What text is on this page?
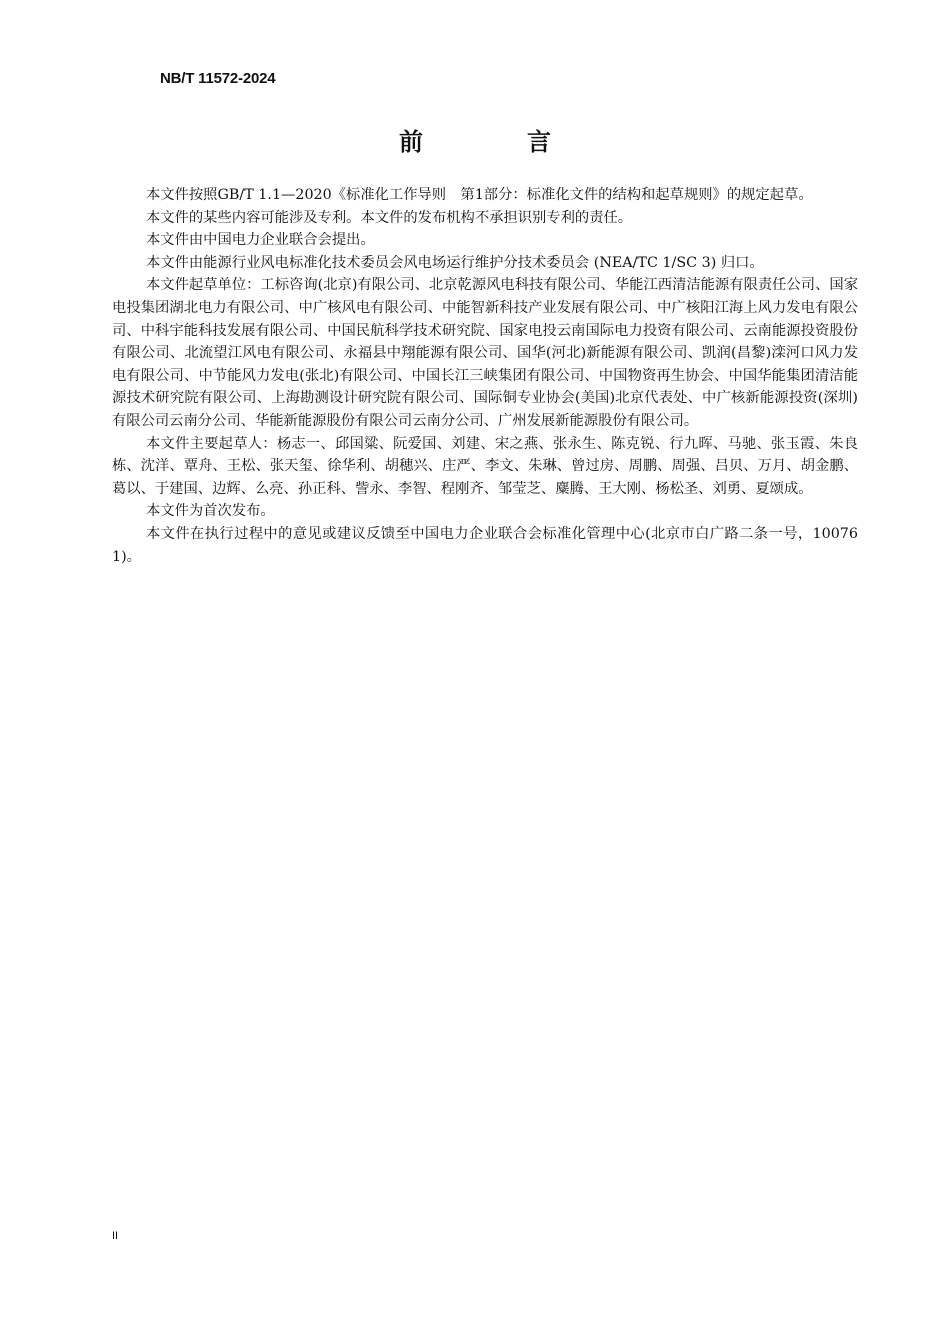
NB/T 11572-2024
前　言

本文件按照GB/T 1.1—2020《标准化工作导则　第1部分：标准化文件的结构和起草规则》的规定起草。

本文件的某些内容可能涉及专利。本文件的发布机构不承担识别专利的责任。

本文件由中国电力企业联合会提出。

本文件由能源行业风电标准化技术委员会风电场运行维护分技术委员会 (NEA/TC 1/SC 3) 归口。

本文件起草单位：工标咨询(北京)有限公司、北京乾源风电科技有限公司、华能江西清洁能源有限责任公司、国家电投集团湖北电力有限公司、中广核风电有限公司、中能智新科技产业发展有限公司、中广核阳江海上风力发电有限公司、中科宇能科技发展有限公司、中国民航科学技术研究院、国家电投云南国际电力投资有限公司、云南能源投资股份有限公司、北流望江风电有限公司、永福县中翔能源有限公司、国华(河北)新能源有限公司、凯润(昌黎)滦河口风力发电有限公司、中节能风力发电(张北)有限公司、中国长江三峡集团有限公司、中国物资再生协会、中国华能集团清洁能源技术研究院有限公司、上海勘测设计研究院有限公司、国际铜专业协会(美国)北京代表处、中广核新能源投资(深圳)有限公司云南分公司、华能新能源股份有限公司云南分公司、广州发展新能源股份有限公司。

本文件主要起草人：杨志一、邱国粱、阮爱国、刘建、宋之燕、张永生、陈克锐、行九晖、马驰、张玉霞、朱良栋、沈洋、覃舟、王松、张天玺、徐华利、胡穗兴、庄严、李文、朱琳、曾过房、周鹏、周强、吕贝、万月、胡金鹏、葛以、于建国、边辉、么亮、孙正科、訾永、李智、程刚齐、邹莹芝、麋腾、王大刚、杨松圣、刘勇、夏颂成。

本文件为首次发布。

本文件在执行过程中的意见或建议反馈至中国电力企业联合会标准化管理中心(北京市白广路二条一号，100761)。

II
